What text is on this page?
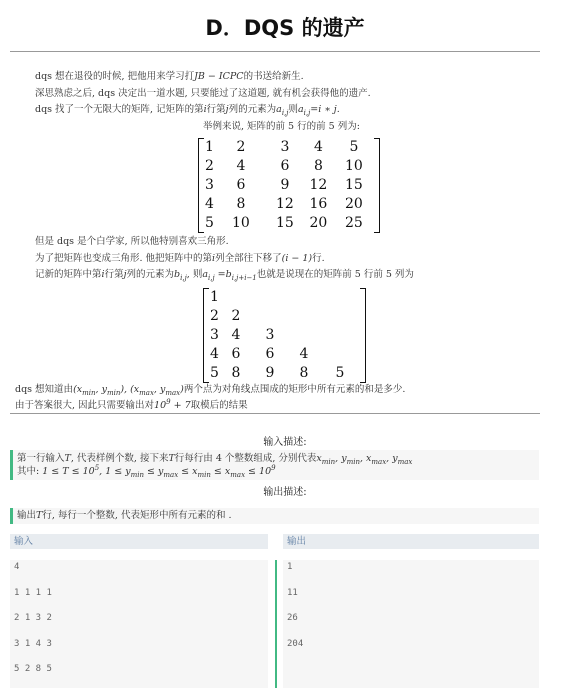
D．DQS 的遗产
dqs 想在退役的时候, 把他用来学习打JB − ICPC的书送给新生.
深思熟虑之后, dqs 决定出一道水题, 只要能过了这道题, 就有机会获得他的遗产.
dqs 找了一个无限大的矩阵, 记矩阵的第i行第j列的元素为$a_{i,j}$则$a_{i,j}=i$ ∗ j.
举例来说, 矩阵的前 5 行的前 5 列为:
1	2	3	4	5
2	4	6	8	10
3	6	9	12	15
4	8	12	16	20
5	10	15	20	25
但是 dqs 是个白学家, 所以他特别喜欢三角形.
为了把矩阵也变成三角形. 他把矩阵中的第i列全部往下移了(i − 1)行.
记新的矩阵中第i行第j列的元素为$b_{i,j}$, 则$a_{i,j} =b_{i,j+i-1}$也就是说现在的矩阵前 5 行前 5 列为
1				
2	2			
3	4	3		
4	6	6	4	
5	8	9	8	5
dqs 想知道由($x_{min}$, $y_{min}$), ($x_{max}$, $y_{max}$)两个点为对角线点围成的矩形中所有元素的和是多少.
由于答案很大, 因此只需要输出对$10^9 + 7$取模后的结果
输入描述:
第一行输入T, 代表样例个数, 接下来T行每行由 4 个整数组成, 分别代表$x_{min}$, $y_{min}$, $x_{max}$, $y_{max}$
其中: $1 \le T \le 10^5$, $1 \le y_{min} \le y_{max} \le x_{min} \le x_{max} \le 10^9$
输出描述:
输出T行, 每行一个整数, 代表矩形中所有元素的和 .
输入	输出
4
1 1 1 1
2 1 3 2
3 1 4 3
5 2 8 5
1
11
26
204
